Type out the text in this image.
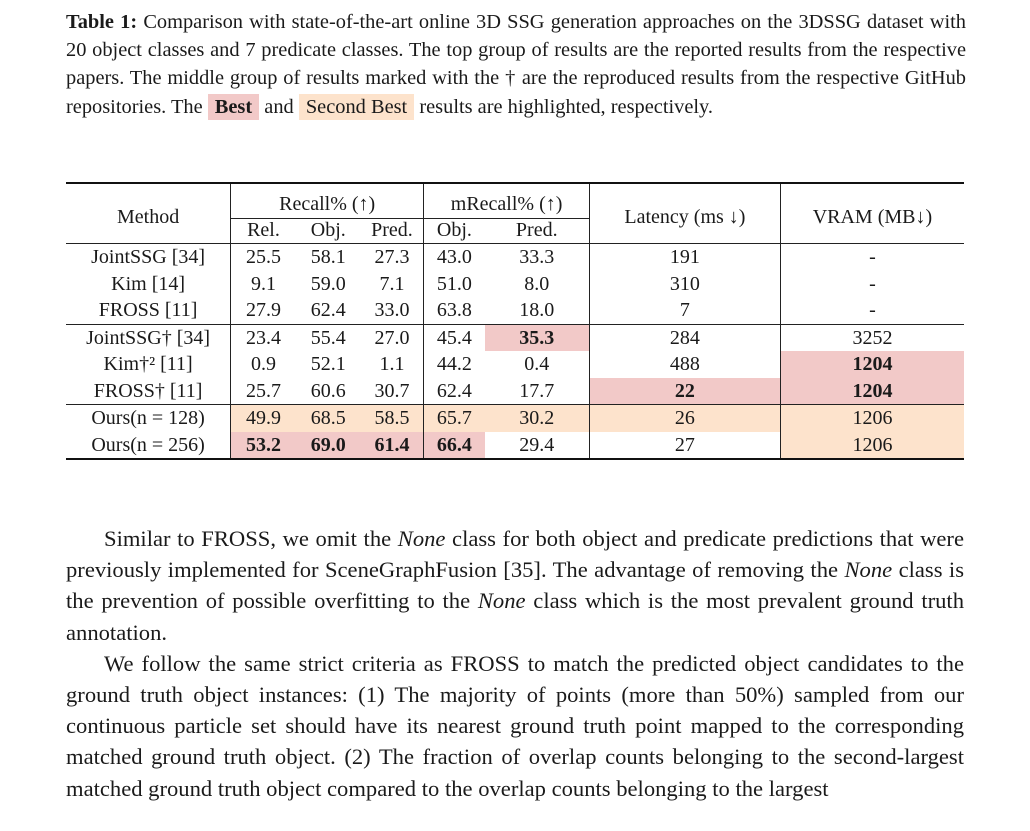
Table 1: Comparison with state-of-the-art online 3D SSG generation approaches on the 3DSSG dataset with 20 object classes and 7 predicate classes. The top group of results are the reported results from the respective papers. The middle group of results marked with the † are the reproduced results from the respective GitHub repositories. The Best and Second Best results are highlighted, respectively.
Method	Recall% (↑)			mRecall% (↑)		Latency (ms ↓)	VRAM (MB↓)
	Rel.	Obj.	Pred.	Obj.	Pred.		
JointSSG [34]	25.5	58.1	27.3	43.0	33.3	191	-
Kim [14]	9.1	59.0	7.1	51.0	8.0	310	-
FROSS [11]	27.9	62.4	33.0	63.8	18.0	7	-
JointSSG† [34]	23.4	55.4	27.0	45.4	35.3	284	3252
Kim†² [11]	0.9	52.1	1.1	44.2	0.4	488	1204
FROSS† [11]	25.7	60.6	30.7	62.4	17.7	22	1204
Ours(n = 128)	49.9	68.5	58.5	65.7	30.2	26	1206
Ours(n = 256)	53.2	69.0	61.4	66.4	29.4	27	1206

Similar to FROSS, we omit the None class for both object and predicate predictions that were previously implemented for SceneGraphFusion [35]. The advantage of removing the None class is the prevention of possible overfitting to the None class which is the most prevalent ground truth annotation.

We follow the same strict criteria as FROSS to match the predicted object candidates to the ground truth object instances: (1) The majority of points (more than 50%) sampled from our continuous particle set should have its nearest ground truth point mapped to the corresponding matched ground truth object. (2) The fraction of overlap counts belonging to the second-largest matched ground truth object compared to the overlap counts belonging to the largest
